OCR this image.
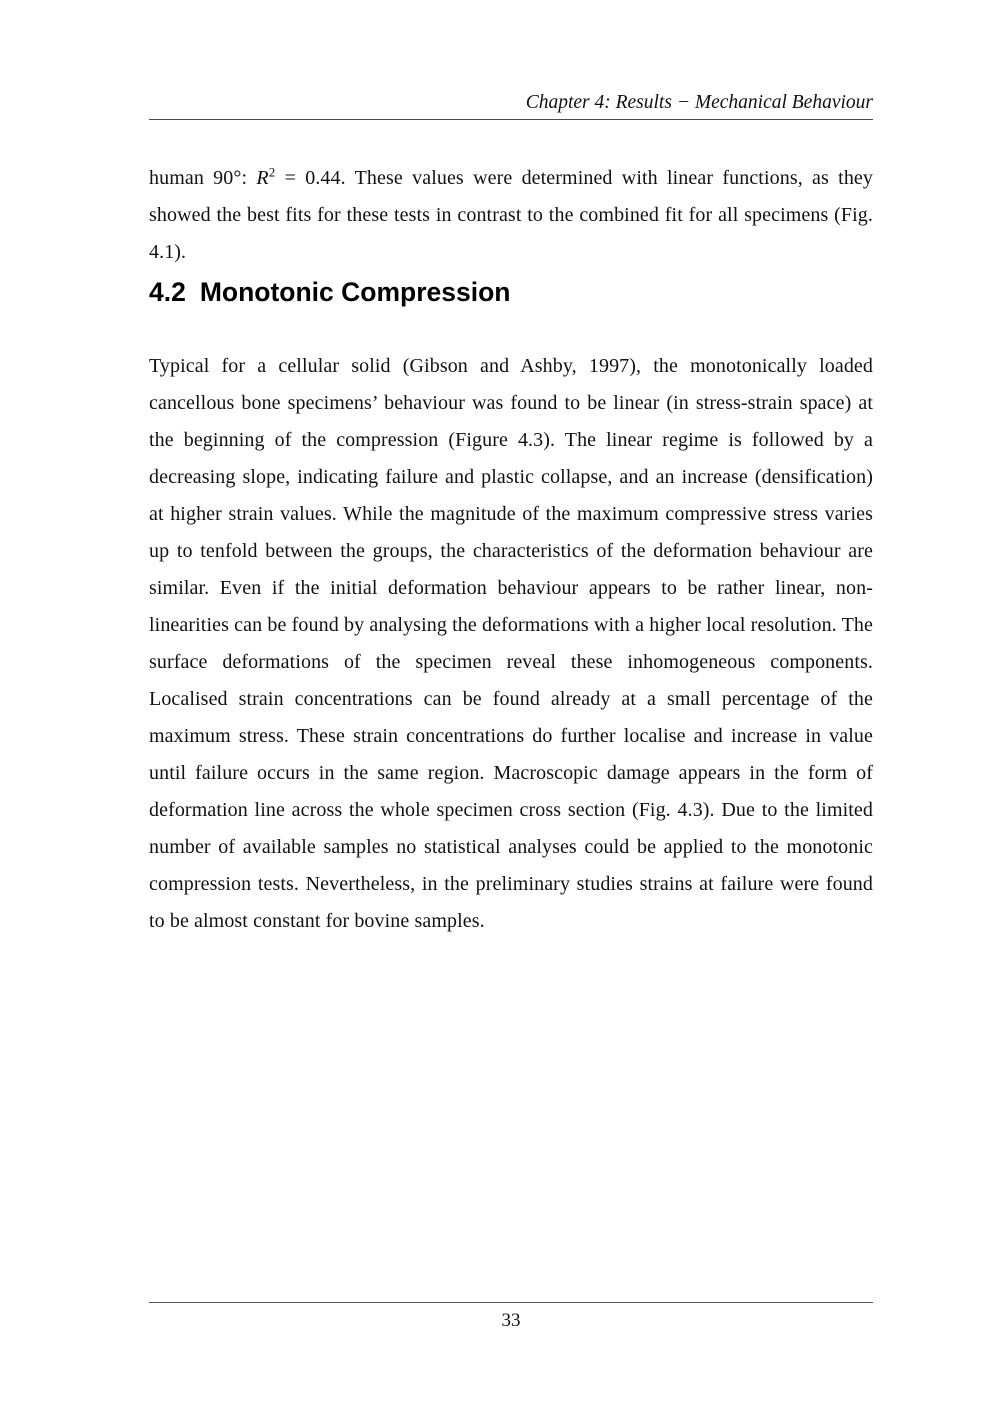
Chapter 4: Results − Mechanical Behaviour

human 90°: $R^2 = 0.44$. These values were determined with linear functions, as they showed the best fits for these tests in contrast to the combined fit for all specimens (Fig. 4.1).

4.2 Monotonic Compression

Typical for a cellular solid (Gibson and Ashby, 1997), the monotonically loaded cancellous bone specimens’ behaviour was found to be linear (in stress-strain space) at the beginning of the compression (Figure 4.3). The linear regime is followed by a decreasing slope, indicating failure and plastic collapse, and an increase (densification) at higher strain values. While the magnitude of the maximum compressive stress varies up to tenfold between the groups, the characteristics of the deformation behaviour are similar. Even if the initial deformation behaviour appears to be rather linear, non-linearities can be found by analysing the deformations with a higher local resolution. The surface deformations of the specimen reveal these inhomogeneous components. Localised strain concentrations can be found already at a small percentage of the maximum stress. These strain concentrations do further localise and increase in value until failure occurs in the same region. Macroscopic damage appears in the form of deformation line across the whole specimen cross section (Fig. 4.3). Due to the limited number of available samples no statistical analyses could be applied to the monotonic compression tests. Nevertheless, in the preliminary studies strains at failure were found to be almost constant for bovine samples.

33
